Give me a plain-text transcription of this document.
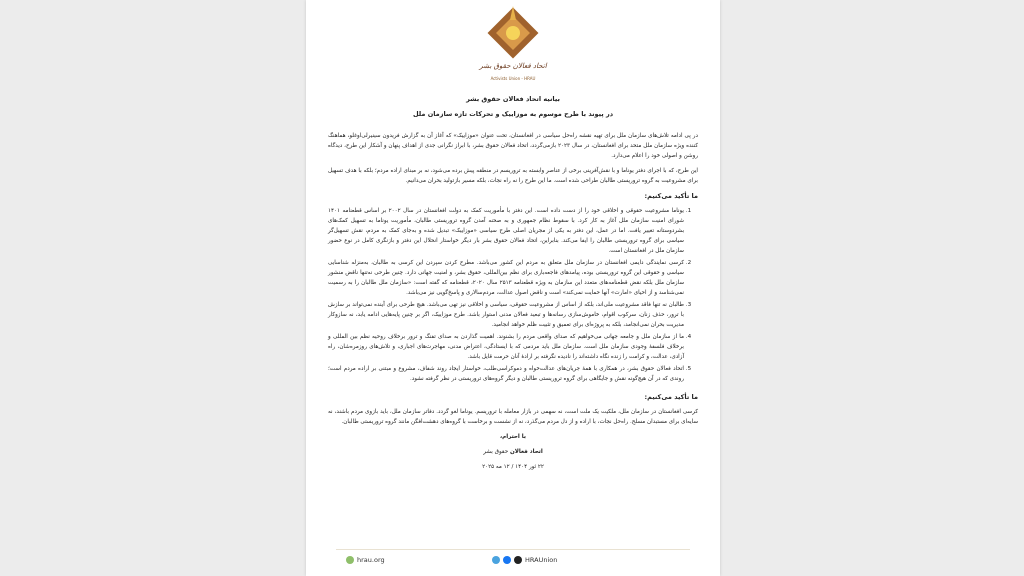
اتحاد فعالان حقوق بشر
Activists Union - HRAU
بیانیه اتحاد فعالان حقوق بشر
در پیوند با طرح موسوم به موزاییک و تحرکات تازه سازمان ملل

در پی ادامه تلاش‌های سازمان ملل برای تهیه نقشه راه‌حل سیاسی در افغانستان، تحت عنوان «موزاییک» که آغاز آن به گزارش فریدون سینیرلی‌اوغلو، هماهنگ کننده ویژه سازمان ملل متحد برای افغانستان، در سال ۲۰۲۳ بازمی‌گردد، اتحاد فعالان حقوق بشر، با ابراز نگرانی جدی از اهداف پنهان و آشکار این طرح، دیدگاه روشن و اصولی خود را اعلام می‌دارد.

این طرح، که با اجرای دفتر یوناما و با نقش‌آفرینی برخی از عناصر وابسته به تروریسم در منطقه پیش برده می‌شود، نه بر مبنای اراده مردم؛ بلکه با هدف تسهیل برای مشروعیت به گروه تروریستی طالبان طراحی شده است. ما این طرح را نه راه نجات، بلکه مسیر بازتولید بحران می‌دانیم.

ما تأکید می‌کنیم:
1. یوناما مشروعیت حقوقی و اخلاقی خود را از دست داده است. این دفتر با مأموریت کمک به دولت افغانستان در سال ۲۰۰۲ بر اساس قطعنامه ۱۴۰۱ شورای امنیت سازمان ملل آغاز به کار کرد. با سقوط نظام جمهوری و به صحنه آمدن گروه تروریستی طالبان، مأموریت یوناما به تسهیل کمک‌های بشردوستانه تغییر یافت. اما در عمل، این دفتر به یکی از مجریان اصلی طرح سیاسی «موزاییک» تبدیل شده و به‌جای کمک به مردم، نقش تسهیل‌گر سیاسی برای گروه تروریستی طالبان را ایفا می‌کند. بنابراین، اتحاد فعالان حقوق بشر بار دیگر خواستار انحلال این دفتر و بازنگری کامل در نوع حضور سازمان ملل در افغانستان است.
2. کرسی نمایندگی دایمی افغانستان در سازمان ملل متعلق به مردم این کشور می‌باشد. مطرح کردن سپردن این کرسی به طالبان، به‌منزله شناسایی سیاسی و حقوقی این گروه تروریستی بوده، پیامدهای فاجعه‌باری برای نظم بین‌المللی، حقوق بشر، و امنیت جهانی دارد. چنین طرحی نه‌تنها ناقض منشور سازمان ملل بلکه نقض قطعنامه‌های متعدد این سازمان به ویژه قطعنامه ۲۵۱۳ سال ۲۰۲۰، قطعنامه که گفته است: «سازمان ملل طالبان را به رسمیت نمی‌شناسد و از احیای «امارت» آنها حمایت نمی‌کند» است و ناقض اصول عدالت، مردم‌سالاری و پاسخ‌گویی نیز می‌باشد.
3. طالبان نه تنها فاقد مشروعیت ملی‌اند، بلکه از اساس از مشروعیت حقوقی، سیاسی و اخلاقی نیز تهی می‌باشد. هیچ طرحی برای آینده نمی‌تواند بر سازش با ترور، حذف زنان، سرکوب اقوام، خاموش‌سازی رسانه‌ها و تبعید فعالان مدنی استوار باشد. طرح موزاییک، اگر بر چنین پایه‌هایی ادامه یابد، نه سازوکار مدیریت بحران نمی‌انجامد، بلکه به پروژه‌ای برای تعمیق و تثبیت ظلم خواهد انجامید.
4. ما از سازمان ملل و جامعه جهانی می‌خواهیم که صدای واقعی مردم را بشنوند. اهمیت گذاردن به صدای تفنگ و ترور برخلاف روحیه نظم بین المللی و برخلاف فلسفهٔ وجودی سازمان ملل است. سازمان ملل باید مردمی که با ایستادگی، اعتراض مدنی، مهاجرت‌های اجباری، و تلاش‌های روزمره‌شان، راه آزادی، عدالت، و کرامت را زنده نگاه داشته‌اند را نادیده نگرفته بر ارادهٔ آنان حرمت قایل باشد.
5. اتحاد فعالان حقوق بشر، در همکاری با همهٔ جریان‌های عدالت‌خواه و دموکراسی‌طلب، خواستار ایجاد روند شفاف، مشروع و مبتنی بر اراده مردم است؛ روندی که در آن هیچ‌گونه نقش و جایگاهی برای گروه تروریستی طالبان و دیگر گروه‌های تروریستی در نظر گرفته نشود.
ما تأکید می‌کنیم:

کرسی افغانستان در سازمان ملل، ملکیت یک ملت است، نه سهمی در بازار معامله با تروریسم. یوناما لغو گردد. دفاتر سازمان ملل، باید بازوی مردم باشند، نه سایه‌ای برای مستبدان مسلح. راه‌حل نجات، با اراده و از دل مردم می‌گذرد، نه از نشست و برخاست با گروه‌های دهشت‌افگن مانند گروه تروریستی طالبان.

با احترام،

اتحاد فعالان حقوق بشر

۲۲ ثور ۱۴۰۴ / ۱۲ مه ۲۰۲۵

hrau.org	HRAUnion
